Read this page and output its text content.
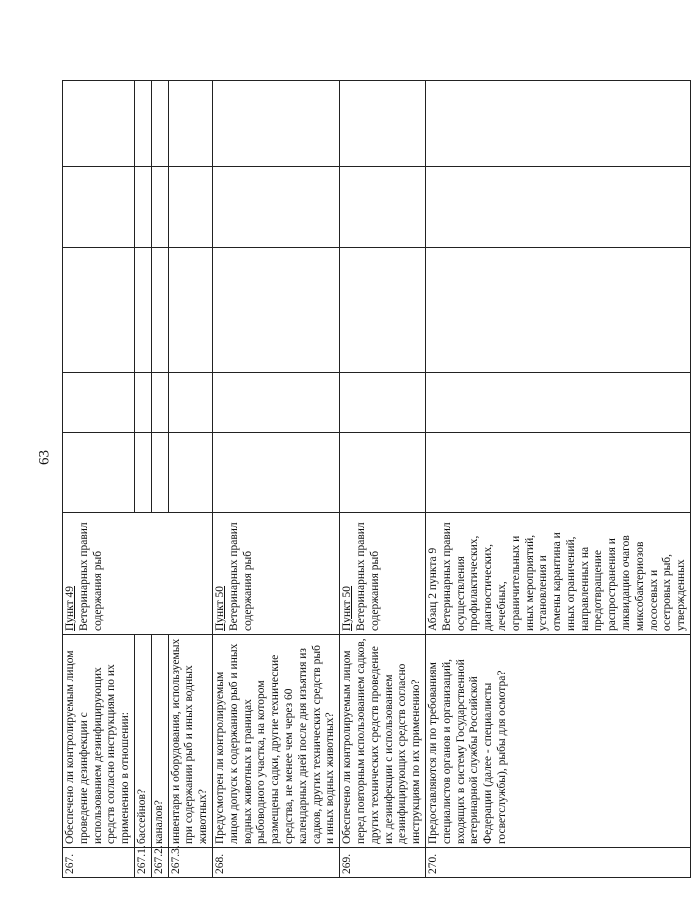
63
267.	Обеспечено ли контролируемым лицом проведение дезинфекции с использованием дезинфицирующих средств согласно инструкциям по их применению в отношении:	Пункт 49 Ветеринарных правил содержания рыб					
267.1.	бассейнов?						
267.2.	каналов?						
267.3.	инвентаря и оборудования, используемых при содержании рыб и иных водных животных?						
268.	Предусмотрен ли контролируемым лицом допуск к содержанию рыб и иных водных животных в границах рыбоводного участка, на котором размещены садки, другие технические средства, не менее чем через 60 календарных дней после дня изъятия из садков, других технических средств рыб и иных водных животных?	Пункт 50 Ветеринарных правил содержания рыб					
269.	Обеспечено ли контролируемым лицом перед повторным использованием садков, других технических средств проведение их дезинфекции с использованием дезинфицирующих средств согласно инструкциям по их применению?	Пункт 50 Ветеринарных правил содержания рыб					
270.	Предоставляются ли по требованиям специалистов органов и организаций, входящих в систему Государственной ветеринарной службы Российской Федерации (далее - специалисты госветслужбы), рыбы для осмотра?	Абзац 2 пункта 9 Ветеринарных правил осуществления профилактических, диагностических, лечебных, ограничительных и иных мероприятий, установления и отмены карантина и иных ограничений, направленных на предотвращение распространения и ликвидацию очагов миксобактериозов лососевых и осетровых рыб, утвержденных					
